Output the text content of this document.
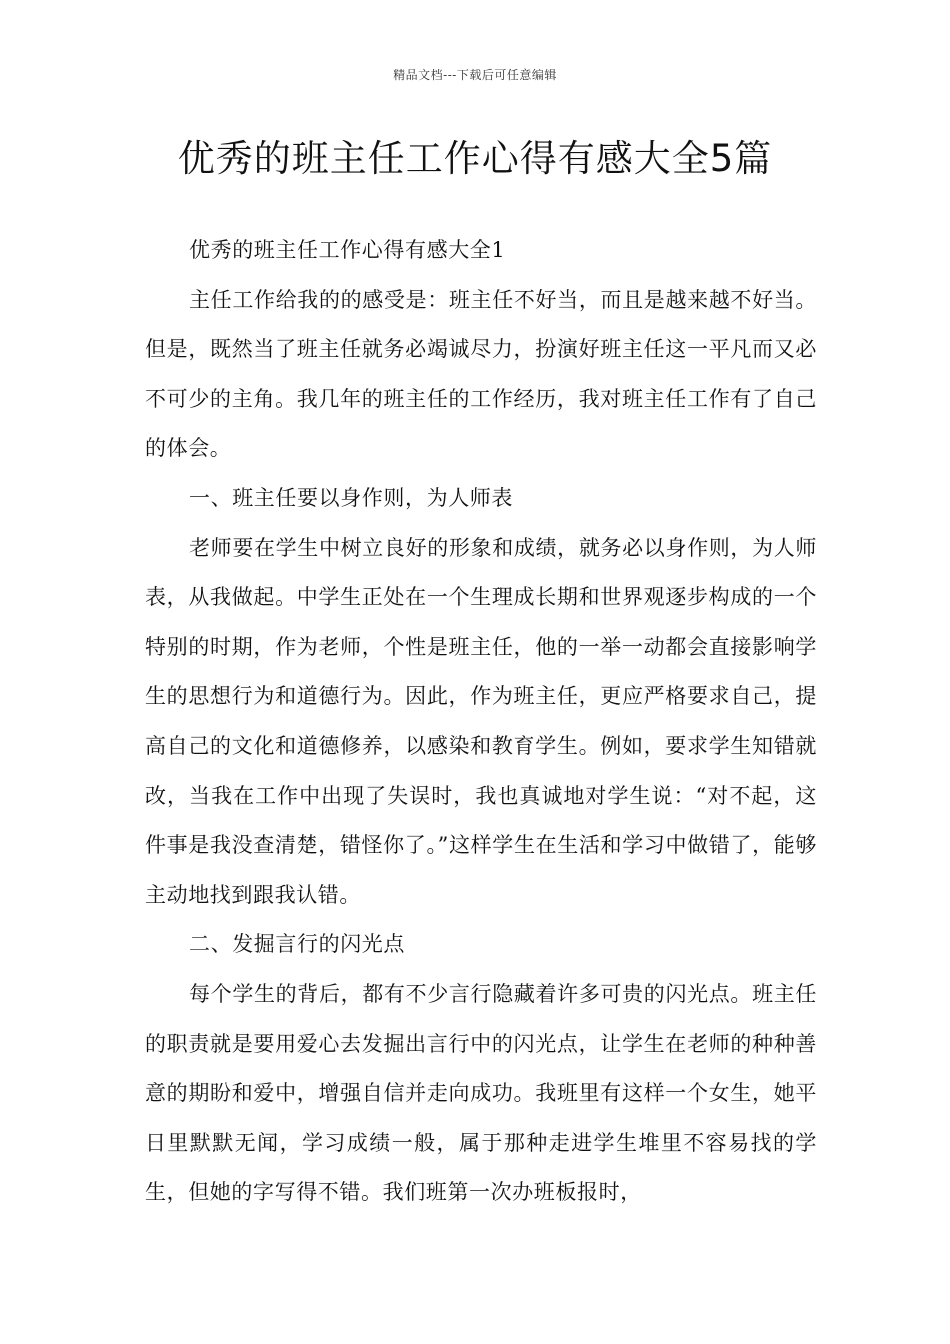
精品文档---下载后可任意编辑
优秀的班主任工作心得有感大全5篇

优秀的班主任工作心得有感大全1

主任工作给我的的感受是：班主任不好当，而且是越来越不好当。但是，既然当了班主任就务必竭诚尽力，扮演好班主任这一平凡而又必不可少的主角。我几年的班主任的工作经历，我对班主任工作有了自己的体会。

一、班主任要以身作则，为人师表

老师要在学生中树立良好的形象和成绩，就务必以身作则，为人师表，从我做起。中学生正处在一个生理成长期和世界观逐步构成的一个特别的时期，作为老师，个性是班主任，他的一举一动都会直接影响学生的思想行为和道德行为。因此，作为班主任，更应严格要求自己，提高自己的文化和道德修养，以感染和教育学生。例如，要求学生知错就改，当我在工作中出现了失误时，我也真诚地对学生说：“对不起，这件事是我没查清楚，错怪你了。”这样学生在生活和学习中做错了，能够主动地找到跟我认错。

二、发掘言行的闪光点

每个学生的背后，都有不少言行隐藏着许多可贵的闪光点。班主任的职责就是要用爱心去发掘出言行中的闪光点，让学生在老师的种种善意的期盼和爱中，增强自信并走向成功。我班里有这样一个女生，她平日里默默无闻，学习成绩一般，属于那种走进学生堆里不容易找的学生，但她的字写得不错。我们班第一次办班板报时，
